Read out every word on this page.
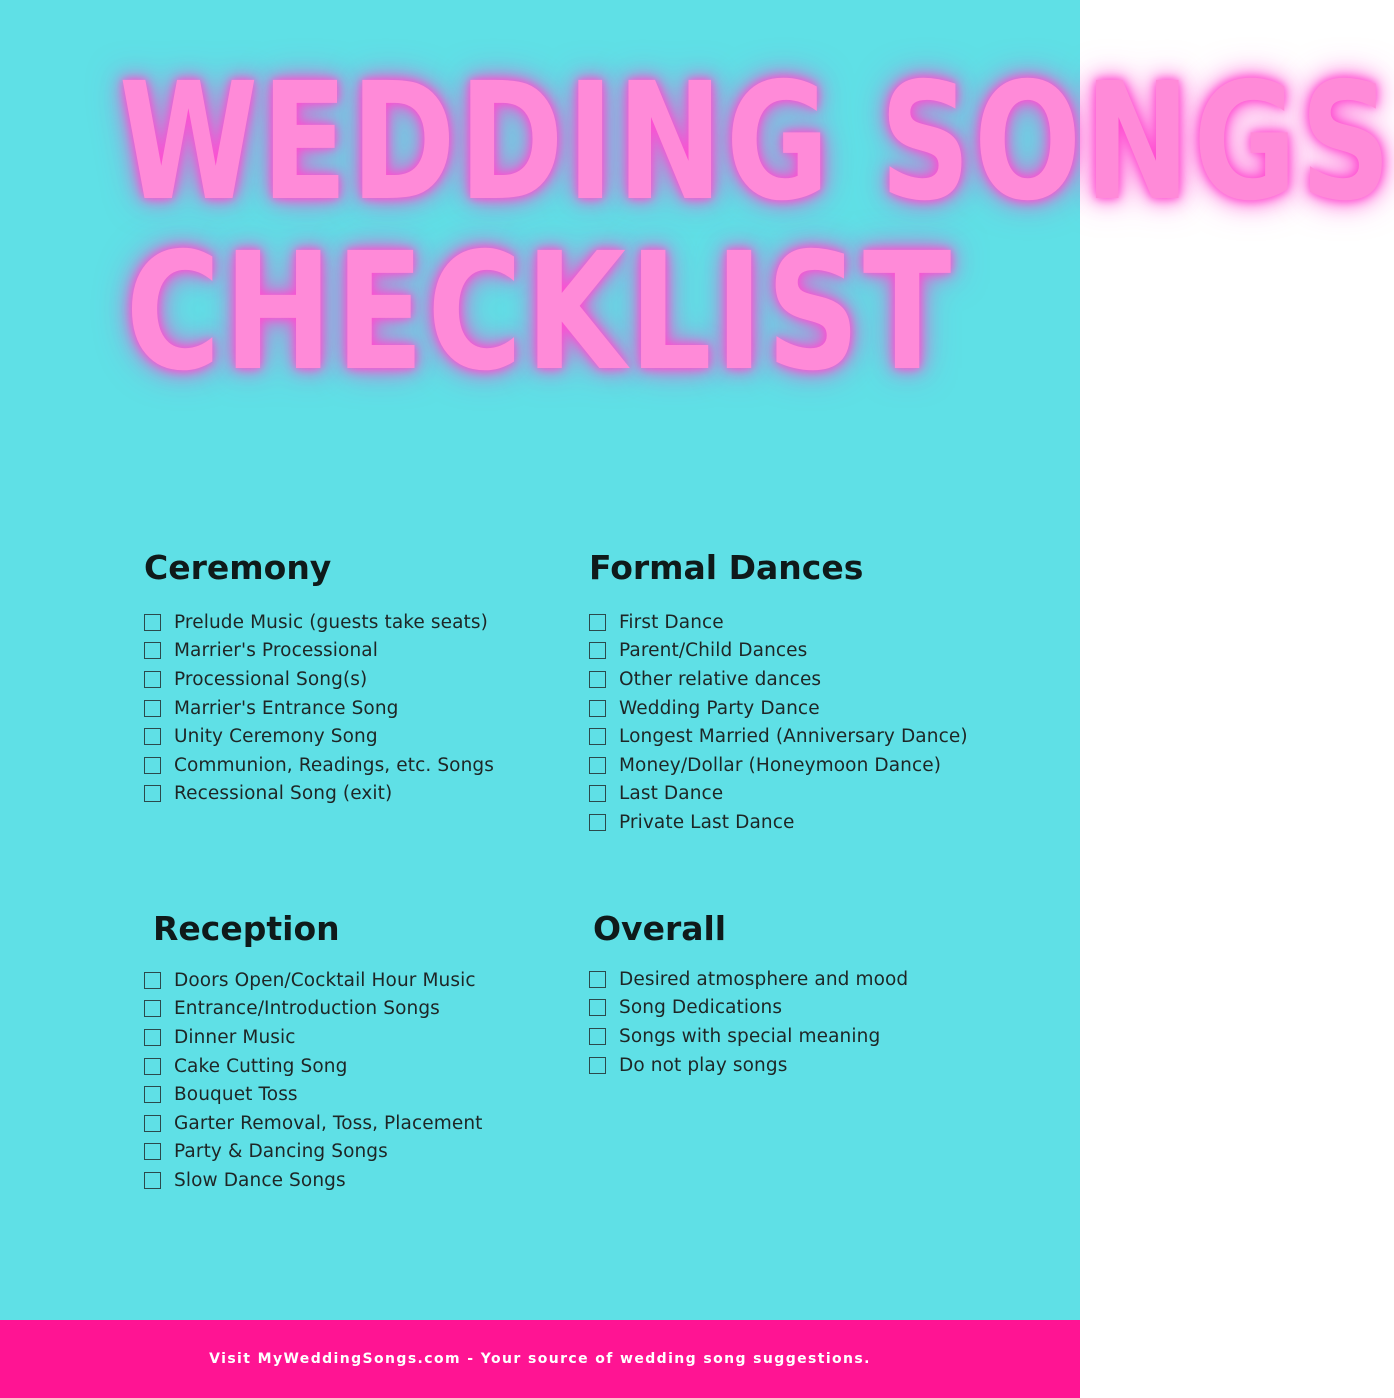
WEDDING SONGS
CHECKLIST
Ceremony
Prelude Music (guests take seats)
Marrier's Processional
Processional Song(s)
Marrier's Entrance Song
Unity Ceremony Song
Communion, Readings, etc. Songs
Recessional Song (exit)
Formal Dances
First Dance
Parent/Child Dances
Other relative dances
Wedding Party Dance
Longest Married (Anniversary Dance)
Money/Dollar (Honeymoon Dance)
Last Dance
Private Last Dance
Reception
Doors Open/Cocktail Hour Music
Entrance/Introduction Songs
Dinner Music
Cake Cutting Song
Bouquet Toss
Garter Removal, Toss, Placement
Party & Dancing Songs
Slow Dance Songs
Overall
Desired atmosphere and mood
Song Dedications
Songs with special meaning
Do not play songs
Visit MyWeddingSongs.com - Your source of wedding song suggestions.
